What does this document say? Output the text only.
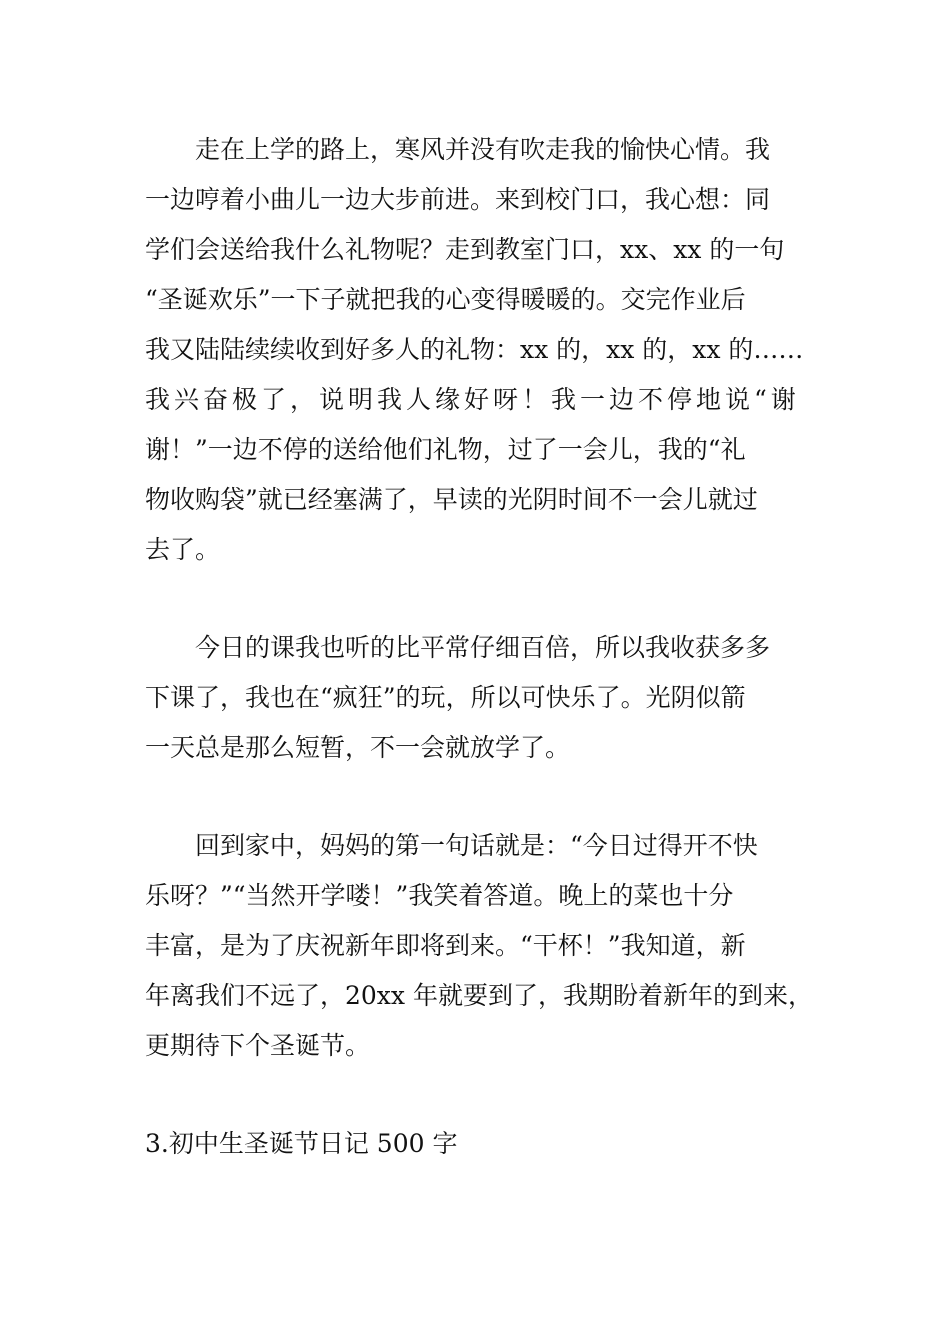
走在上学的路上，寒风并没有吹走我的愉快心情。我
一边哼着小曲儿一边大步前进。来到校门口，我心想：同
学们会送给我什么礼物呢？走到教室门口，xx、xx 的一句
“圣诞欢乐”一下子就把我的心变得暖暖的。交完作业后
我又陆陆续续收到好多人的礼物：xx 的，xx 的，xx 的……
我兴奋极了，说明我人缘好呀！我一边不停地说“谢
谢！”一边不停的送给他们礼物，过了一会儿，我的“礼
物收购袋”就已经塞满了，早读的光阴时间不一会儿就过
去了。
今日的课我也听的比平常仔细百倍，所以我收获多多
下课了，我也在“疯狂”的玩，所以可快乐了。光阴似箭
一天总是那么短暂，不一会就放学了。
回到家中，妈妈的第一句话就是：“今日过得开不快
乐呀？”“当然开学喽！”我笑着答道。晚上的菜也十分
丰富，是为了庆祝新年即将到来。“干杯！”我知道，新
年离我们不远了，20xx 年就要到了，我期盼着新年的到来，
更期待下个圣诞节。
3.初中生圣诞节日记 500 字
